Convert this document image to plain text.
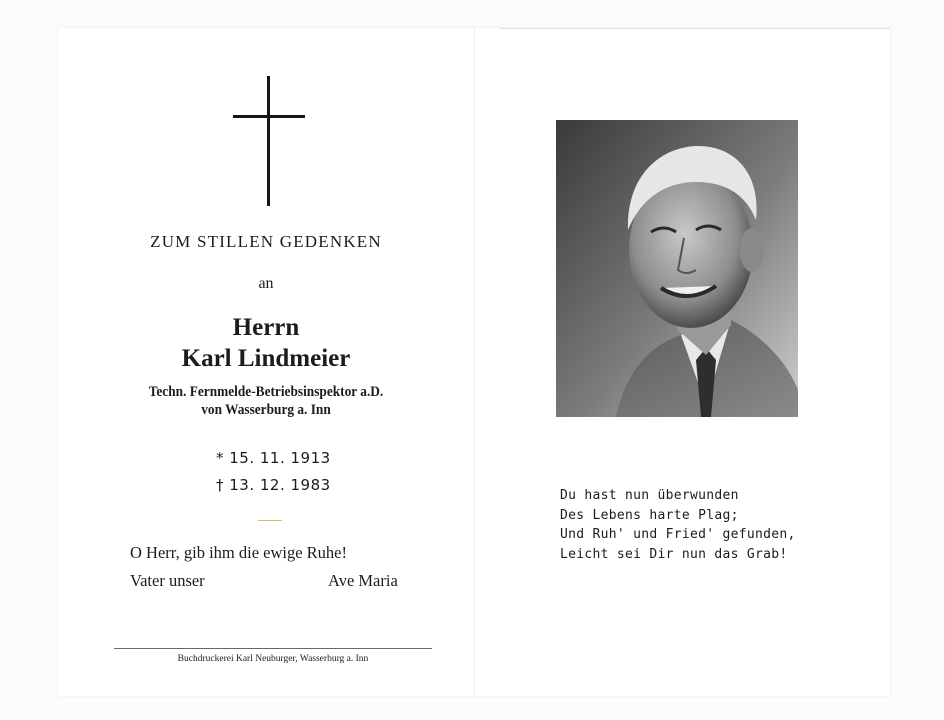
ZUM STILLEN GEDENKEN
an
Herrn
Karl Lindmeier
Techn. Fernmelde-Betriebsinspektor a.D.
von Wasserburg a. Inn
* 15. 11. 1913
† 13. 12. 1983
O Herr, gib ihm die ewige Ruhe!
Vater unser	Ave Maria
Buchdruckerei Karl Neuburger, Wasserburg a. Inn
Du hast nun überwunden
Des Lebens harte Plag;
Und Ruh' und Fried' gefunden,
Leicht sei Dir nun das Grab!
